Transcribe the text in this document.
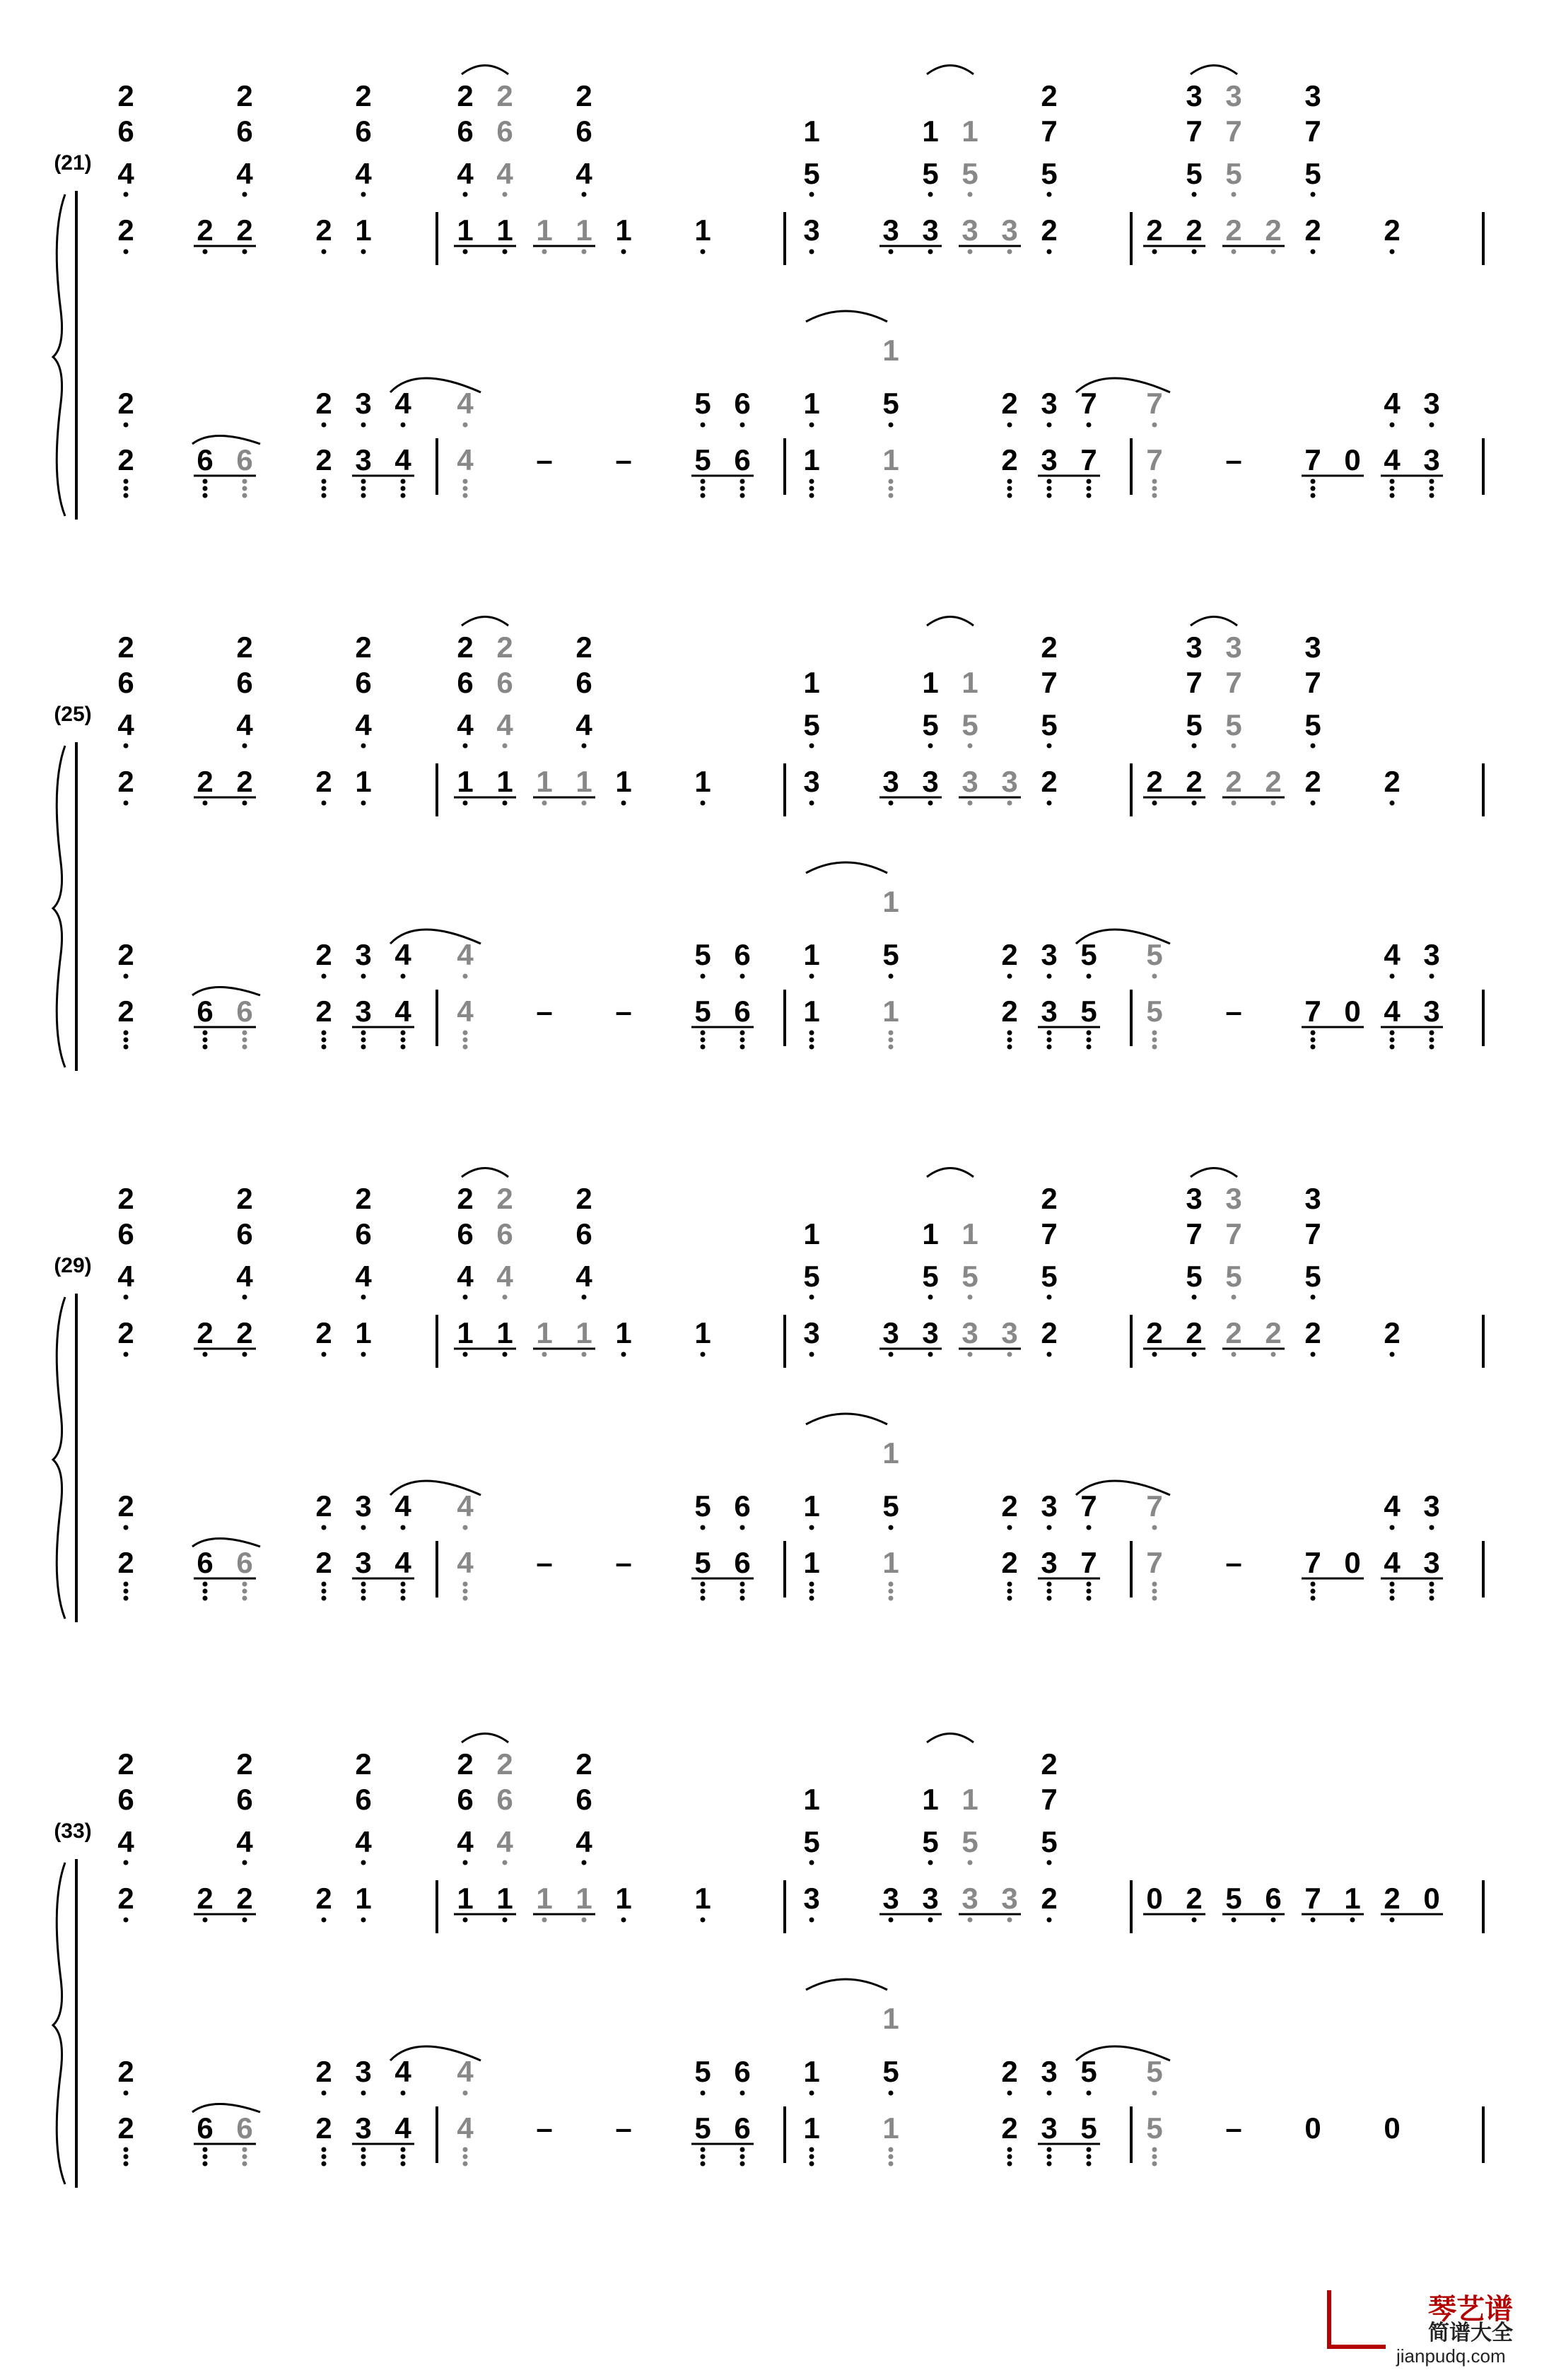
(21)
2
6
4
2
6
4
2
6
4
2
6
4
2
6
4
2
6
4
1
5
1
5
1
5
2
7
5
3
7
5
3
7
5
3
7
5
2 2 2 2 1	1 1 1 1 1 1	3 3 3 3 3 2	2 2 2 2 2 2
2	2 3 4 4	5 6 1 5	2 3 7 7	4 3
2 6 6 2 3 4 4 – – 5 6 1 1	2 3 7 7 – 7 0 4 3
1
(25)
2
6
4
2
6
4
2
6
4
2
6
4
2
6
4
2
6
4
1
5
1
5
1
5
2
7
5
3
7
5
3
7
5
3
7
5
2 2 2 2 1	1 1 1 1 1 1	3 3 3 3 3 2	2 2 2 2 2 2
2	2 3 4 4	5 6 1 5	2 3 5 5	4 3
2 6 6 2 3 4 4 – – 5 6 1 1	2 3 5 5 – 7 0 4 3
1
(29)
2
6
4
2
6
4
2
6
4
2
6
4
2
6
4
2
6
4
1
5
1
5
1
5
2
7
5
3
7
5
3
7
5
3
7
5
2 2 2 2 1	1 1 1 1 1 1	3 3 3 3 3 2	2 2 2 2 2 2
2	2 3 4 4	5 6 1 5	2 3 7 7	4 3
2 6 6 2 3 4 4 – – 5 6 1 1	2 3 7 7 – 7 0 4 3
1
(33)
2
6
4
2
6
4
2
6
4
2
6
4
2
6
4
2
6
4
1
5
1
5
1
5
2
7
5
2 2 2 2 1	1 1 1 1 1 1	3 3 3 3 3 2	0 2 5 6 7 1 2 0
2	2 3 4 4	5 6 1 5	2 3 5 5
2 6 6 2 3 4 4 – – 5 6 1 1	2 3 5 5 – 0 0
1
琴艺谱
简谱大全
jianpudq.com
